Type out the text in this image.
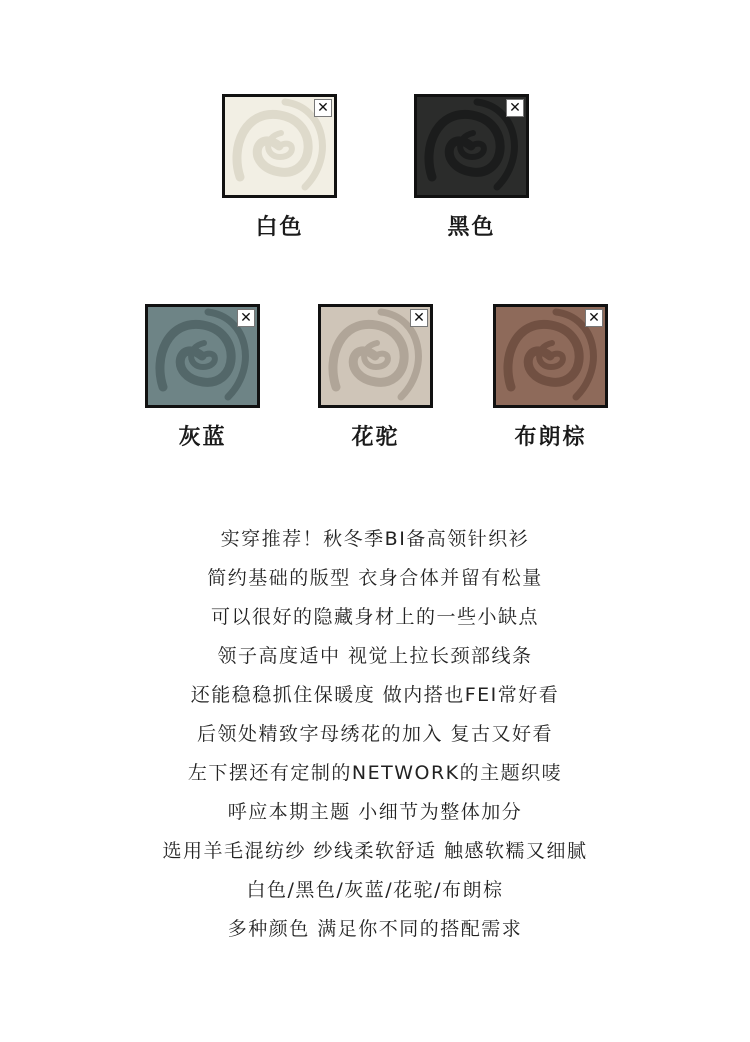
✕
白色
✕
黑色
✕
灰蓝
✕
花驼
✕
布朗棕
实穿推荐！秋冬季BI备高领针织衫
简约基础的版型 衣身合体并留有松量
可以很好的隐藏身材上的一些小缺点
领子高度适中 视觉上拉长颈部线条
还能稳稳抓住保暖度 做内搭也FEI常好看
后领处精致字母绣花的加入 复古又好看
左下摆还有定制的NETWORK的主题织唛
呼应本期主题 小细节为整体加分
选用羊毛混纺纱 纱线柔软舒适 触感软糯又细腻
白色/黑色/灰蓝/花驼/布朗棕
多种颜色 满足你不同的搭配需求
